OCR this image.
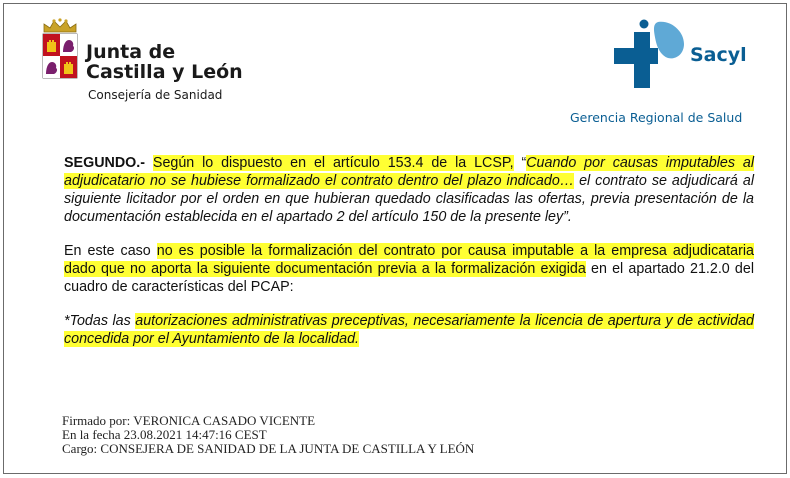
Junta de
Castilla y León
Consejería de Sanidad
Sacyl
Gerencia Regional de Salud

SEGUNDO.- Según lo dispuesto en el artículo 153.4 de la LCSP, “Cuando por causas imputables al adjudicatario no se hubiese formalizado el contrato dentro del plazo indicado… el contrato se adjudicará al siguiente licitador por el orden en que hubieran quedado clasificadas las ofertas, previa presentación de la documentación establecida en el apartado 2 del artículo 150 de la presente ley”.

En este caso no es posible la formalización del contrato por causa imputable a la empresa adjudicataria dado que no aporta la siguiente documentación previa a la formalización exigida en el apartado 21.2.0 del cuadro de características del PCAP:

*Todas las autorizaciones administrativas preceptivas, necesariamente la licencia de apertura y de actividad concedida por el Ayuntamiento de la localidad.

Firmado por: VERONICA CASADO VICENTE
En la fecha 23.08.2021 14:47:16 CEST
Cargo: CONSEJERA DE SANIDAD DE LA JUNTA DE CASTILLA Y LEÓN
